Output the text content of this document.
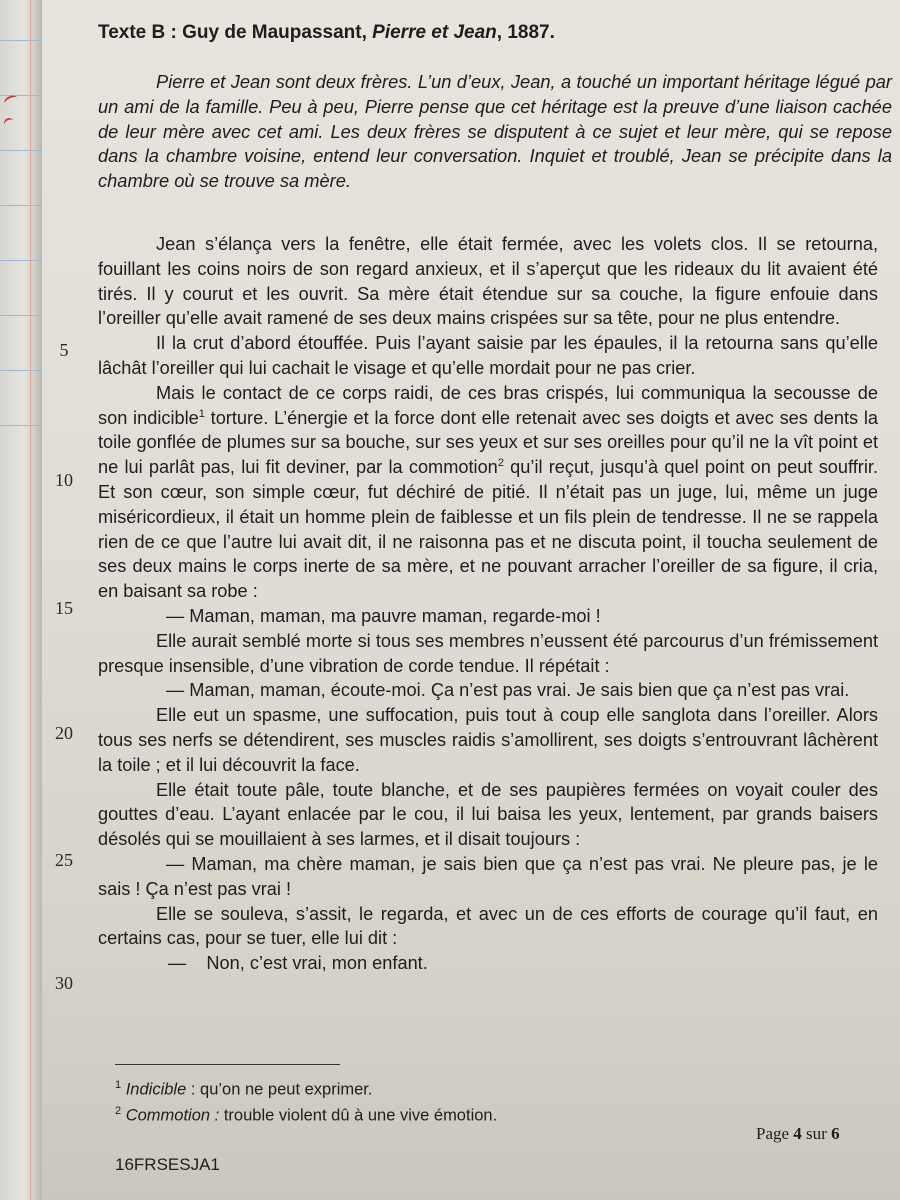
Texte B : Guy de Maupassant, Pierre et Jean, 1887.

Pierre et Jean sont deux frères. L’un d’eux, Jean, a touché un important héritage légué par un ami de la famille. Peu à peu, Pierre pense que cet héritage est la preuve d’une liaison cachée de leur mère avec cet ami. Les deux frères se disputent à ce sujet et leur mère, qui se repose dans la chambre voisine, entend leur conversation. Inquiet et troublé, Jean se précipite dans la chambre où se trouve sa mère.

Jean s’élança vers la fenêtre, elle était fermée, avec les volets clos. Il se retourna, fouillant les coins noirs de son regard anxieux, et il s’aperçut que les rideaux du lit avaient été tirés. Il y courut et les ouvrit. Sa mère était étendue sur sa couche, la figure enfouie dans l’oreiller qu’elle avait ramené de ses deux mains crispées sur sa tête, pour ne plus entendre.

Il la crut d’abord étouffée. Puis l’ayant saisie par les épaules, il la retourna sans qu’elle lâchât l’oreiller qui lui cachait le visage et qu’elle mordait pour ne pas crier.

Mais le contact de ce corps raidi, de ces bras crispés, lui communiqua la secousse de son indicible$^1$ torture. L’énergie et la force dont elle retenait avec ses doigts et avec ses dents la toile gonflée de plumes sur sa bouche, sur ses yeux et sur ses oreilles pour qu’il ne la vît point et ne lui parlât pas, lui fit deviner, par la commotion$^2$ qu’il reçut, jusqu’à quel point on peut souffrir. Et son cœur, son simple cœur, fut déchiré de pitié. Il n’était pas un juge, lui, même un juge miséricordieux, il était un homme plein de faiblesse et un fils plein de tendresse. Il ne se rappela rien de ce que l’autre lui avait dit, il ne raisonna pas et ne discuta point, il toucha seulement de ses deux mains le corps inerte de sa mère, et ne pouvant arracher l’oreiller de sa figure, il cria, en baisant sa robe :

— Maman, maman, ma pauvre maman, regarde-moi !

Elle aurait semblé morte si tous ses membres n’eussent été parcourus d’un frémissement presque insensible, d’une vibration de corde tendue. Il répétait :

— Maman, maman, écoute-moi. Ça n’est pas vrai. Je sais bien que ça n’est pas vrai.

Elle eut un spasme, une suffocation, puis tout à coup elle sanglota dans l’oreiller. Alors tous ses nerfs se détendirent, ses muscles raidis s’amollirent, ses doigts s’entrouvrant lâchèrent la toile ; et il lui découvrit la face.

Elle était toute pâle, toute blanche, et de ses paupières fermées on voyait couler des gouttes d’eau. L’ayant enlacée par le cou, il lui baisa les yeux, lentement, par grands baisers désolés qui se mouillaient à ses larmes, et il disait toujours :

— Maman, ma chère maman, je sais bien que ça n’est pas vrai. Ne pleure pas, je le sais ! Ça n’est pas vrai !

Elle se souleva, s’assit, le regarda, et avec un de ces efforts de courage qu’il faut, en certains cas, pour se tuer, elle lui dit :

—    Non, c’est vrai, mon enfant.

5
10
15
20
25
30
$^1$ Indicible : qu’on ne peut exprimer.
$^2$ Commotion : trouble violent dû à une vive émotion.
Page 4 sur 6
16FRSESJA1
